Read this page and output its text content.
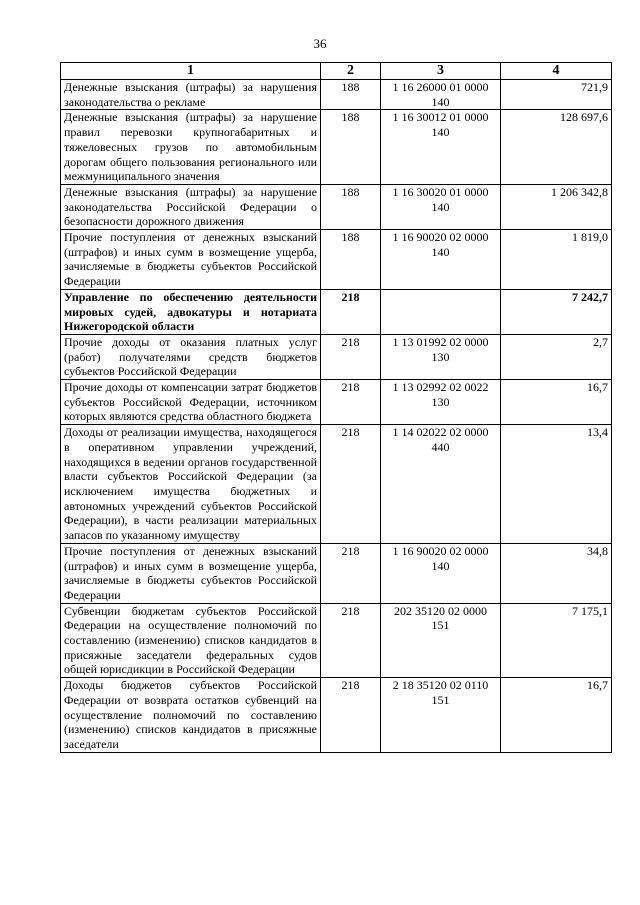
36
1	2	3	4
Денежные взыскания (штрафы) за нарушения законодательства о рекламе	188	1 16 26000 01 0000 140	721,9
Денежные взыскания (штрафы) за нарушение правил перевозки крупногабаритных и тяжеловесных грузов по автомобильным дорогам общего пользования регионального или межмуниципального значения	188	1 16 30012 01 0000 140	128 697,6
Денежные взыскания (штрафы) за нарушение законодательства Российской Федерации о безопасности дорожного движения	188	1 16 30020 01 0000 140	1 206 342,8
Прочие поступления от денежных взысканий (штрафов) и иных сумм в возмещение ущерба, зачисляемые в бюджеты субъектов Российской Федерации	188	1 16 90020 02 0000 140	1 819,0
Управление по обеспечению деятельности мировых судей, адвокатуры и нотариата Нижегородской области	218		7 242,7
Прочие доходы от оказания платных услуг (работ) получателями средств бюджетов субъектов Российской Федерации	218	1 13 01992 02 0000 130	2,7
Прочие доходы от компенсации затрат бюджетов субъектов Российской Федерации, источником которых являются средства областного бюджета	218	1 13 02992 02 0022 130	16,7
Доходы от реализации имущества, находящегося в оперативном управлении учреждений, находящихся в ведении органов государственной власти субъектов Российской Федерации (за исключением имущества бюджетных и автономных учреждений субъектов Российской Федерации), в части реализации материальных запасов по указанному имуществу	218	1 14 02022 02 0000 440	13,4
Прочие поступления от денежных взысканий (штрафов) и иных сумм в возмещение ущерба, зачисляемые в бюджеты субъектов Российской Федерации	218	1 16 90020 02 0000 140	34,8
Субвенции бюджетам субъектов Российской Федерации на осуществление полномочий по составлению (изменению) списков кандидатов в присяжные заседатели федеральных судов общей юрисдикции в Российской Федерации	218	202 35120 02 0000 151	7 175,1
Доходы бюджетов субъектов Российской Федерации от возврата остатков субвенций на осуществление полномочий по составлению (изменению) списков кандидатов в присяжные заседатели	218	2 18 35120 02 0110 151	16,7
